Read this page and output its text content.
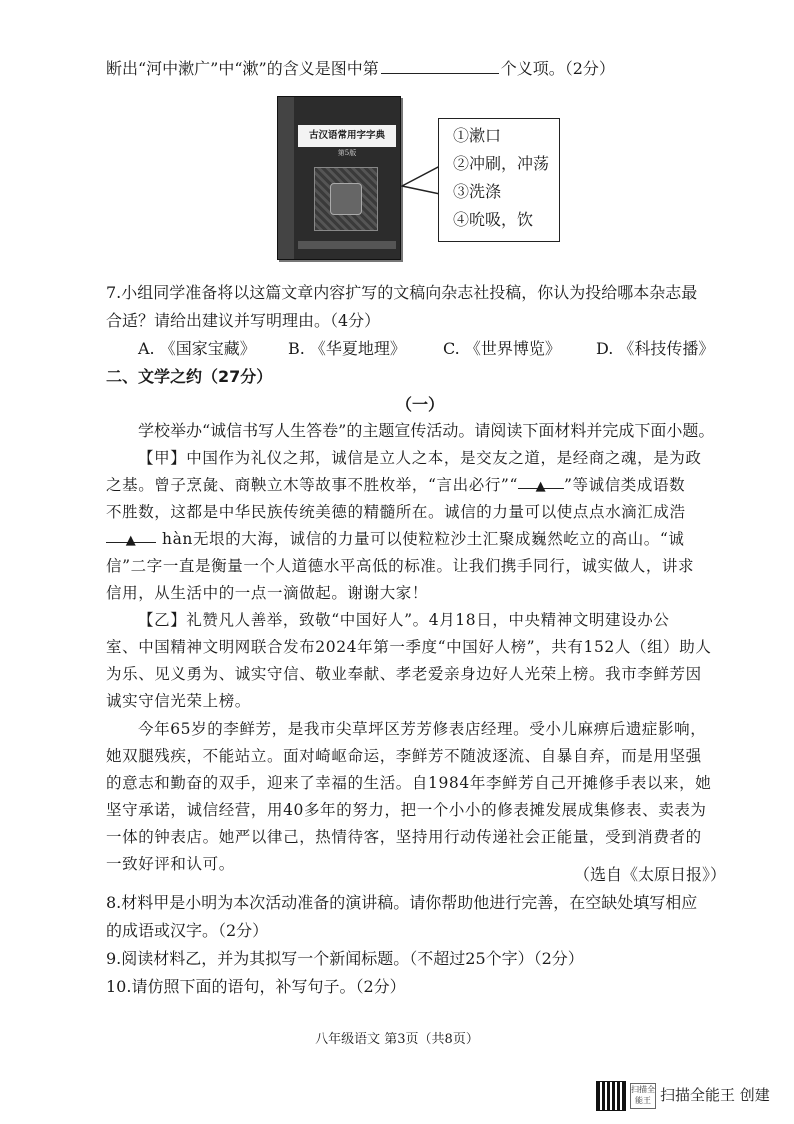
断出“河中漱广”中“漱”的含义是图中第	个义项。（2分）
古汉语常用字字典
第5版
①漱口
②冲刷，冲荡
③洗涤
④吮吸，饮
7.小组同学准备将以这篇文章内容扩写的文稿向杂志社投稿，你认为投给哪本杂志最
合适？请给出建议并写明理由。（4分）
A. 《国家宝藏》 B. 《华夏地理》 C. 《世界博览》 D. 《科技传播》
二、文学之约（27分）
（一）
学校举办“诚信书写人生答卷”的主题宣传活动。请阅读下面材料并完成下面小题。
【甲】中国作为礼仪之邦，诚信是立人之本，是交友之道，是经商之魂，是为政
之基。曾子烹彘、商鞅立木等故事不胜枚举，“言出必行”“ ▲ ”等诚信类成语数
不胜数，这都是中华民族传统美德的精髓所在。诚信的力量可以使点点水滴汇成浩
▲ hàn无垠的大海，诚信的力量可以使粒粒沙土汇聚成巍然屹立的高山。“诚
信”二字一直是衡量一个人道德水平高低的标准。让我们携手同行，诚实做人，讲求
信用，从生活中的一点一滴做起。谢谢大家！
【乙】礼赞凡人善举，致敬“中国好人”。4月18日，中央精神文明建设办公
室、中国精神文明网联合发布2024年第一季度“中国好人榜”，共有152人（组）助人
为乐、见义勇为、诚实守信、敬业奉献、孝老爱亲身边好人光荣上榜。我市李鲜芳因
诚实守信光荣上榜。
今年65岁的李鲜芳，是我市尖草坪区芳芳修表店经理。受小儿麻痹后遗症影响，
她双腿残疾，不能站立。面对崎岖命运，李鲜芳不随波逐流、自暴自弃，而是用坚强
的意志和勤奋的双手，迎来了幸福的生活。自1984年李鲜芳自己开摊修手表以来，她
坚守承诺，诚信经营，用40多年的努力，把一个小小的修表摊发展成集修表、卖表为
一体的钟表店。她严以律己，热情待客，坚持用行动传递社会正能量，受到消费者的
一致好评和认可。
（选自《太原日报》）
8.材料甲是小明为本次活动准备的演讲稿。请你帮助他进行完善，在空缺处填写相应
的成语或汉字。（2分）
9.阅读材料乙，并为其拟写一个新闻标题。（不超过25个字）（2分）
10.请仿照下面的语句，补写句子。（2分）
八年级语文 第3页（共8页）
扫描全能王 扫描全能王 创建
